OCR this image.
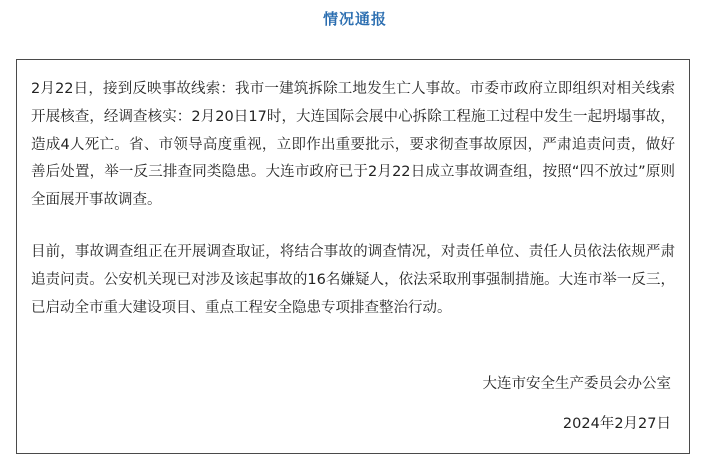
情况通报

2月22日，接到反映事故线索：我市一建筑拆除工地发生亡人事故。市委市政府立即组织对相关线索开展核查，经调查核实：2月20日17时，大连国际会展中心拆除工程施工过程中发生一起坍塌事故，造成4人死亡。省、市领导高度重视，立即作出重要批示，要求彻查事故原因，严肃追责问责，做好善后处置，举一反三排查同类隐患。大连市政府已于2月22日成立事故调查组，按照“四不放过”原则全面展开事故调查。

目前，事故调查组正在开展调查取证，将结合事故的调查情况，对责任单位、责任人员依法依规严肃追责问责。公安机关现已对涉及该起事故的16名嫌疑人，依法采取刑事强制措施。大连市举一反三，已启动全市重大建设项目、重点工程安全隐患专项排查整治行动。

大连市安全生产委员会办公室
2024年2月27日
